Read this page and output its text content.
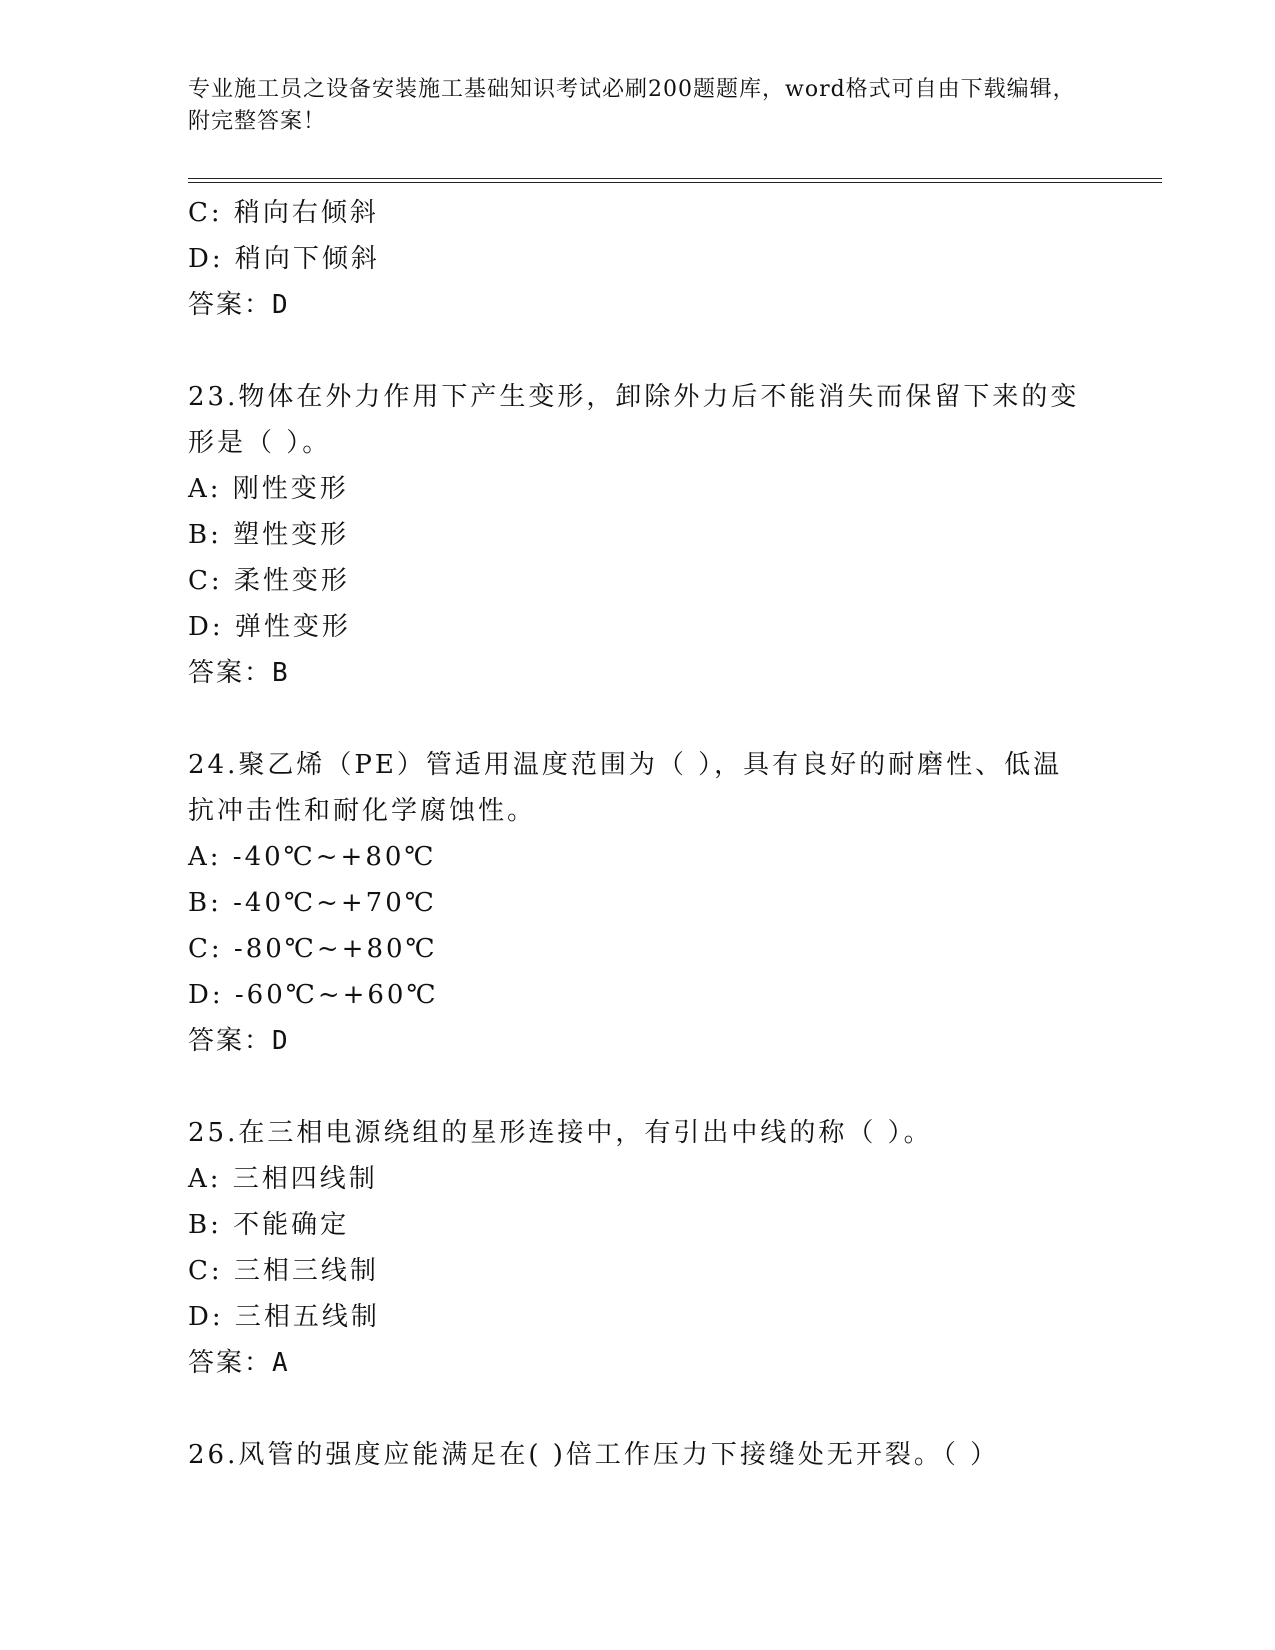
专业施工员之设备安装施工基础知识考试必刷200题题库，word格式可自由下载编辑，附完整答案！
C: 稍向右倾斜
D: 稍向下倾斜
答案：D
23.物体在外力作用下产生变形，卸除外力后不能消失而保留下来的变
形是（ ）。
A: 刚性变形
B: 塑性变形
C: 柔性变形
D: 弹性变形
答案：B
24.聚乙烯（PE）管适用温度范围为（ ），具有良好的耐磨性、低温
抗冲击性和耐化学腐蚀性。
A: -40℃~+80℃
B: -40℃~+70℃
C: -80℃~+80℃
D: -60℃~+60℃
答案：D
25.在三相电源绕组的星形连接中，有引出中线的称（ ）。
A: 三相四线制
B: 不能确定
C: 三相三线制
D: 三相五线制
答案：A
26.风管的强度应能满足在( )倍工作压力下接缝处无开裂。（ ）
